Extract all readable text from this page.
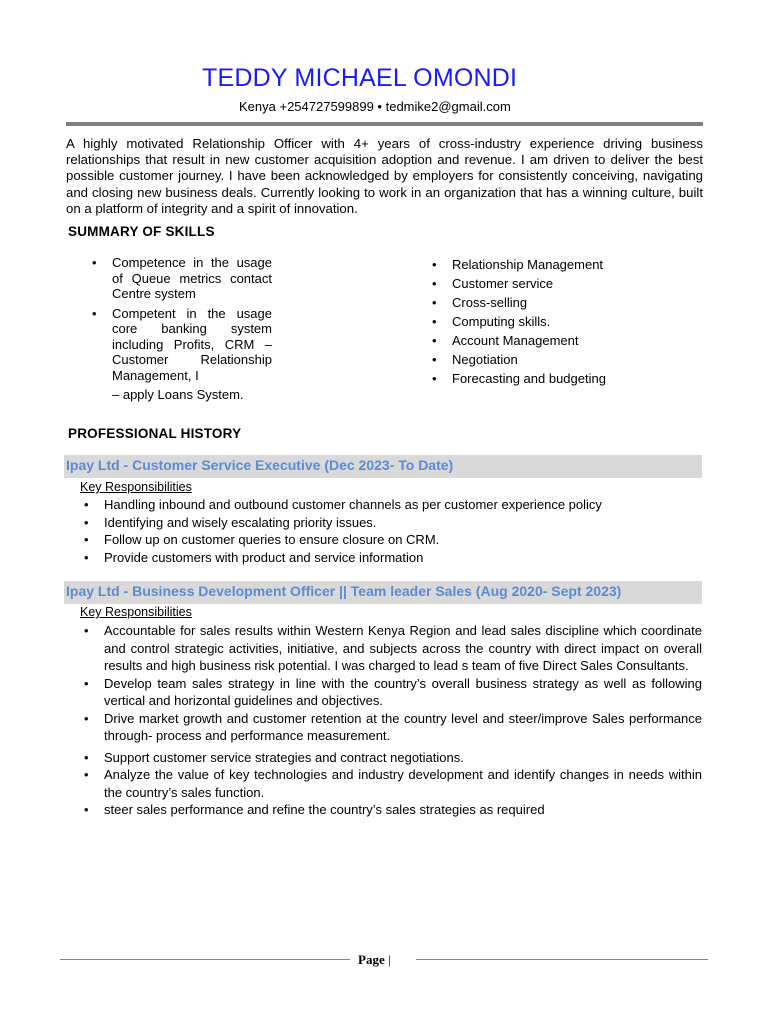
TEDDY MICHAEL OMONDI
Kenya +254727599899 • tedmike2@gmail.com
A highly motivated Relationship Officer with 4+ years of cross-industry experience driving business relationships that result in new customer acquisition adoption and revenue. I am driven to deliver the best possible customer journey. I have been acknowledged by employers for consistently conceiving, navigating and closing new business deals. Currently looking to work in an organization that has a winning culture, built on a platform of integrity and a spirit of innovation.
SUMMARY OF SKILLS
• Competence in the usage of Queue metrics contact Centre system
• Competent in the usage core banking system including Profits, CRM – Customer Relationship Management, I
– apply Loans System.
• Relationship Management
• Customer service
• Cross-selling
• Computing skills.
• Account Management
• Negotiation
• Forecasting and budgeting
PROFESSIONAL HISTORY
Ipay Ltd - Customer Service Executive (Dec 2023- To Date)
Key Responsibilities
• Handling inbound and outbound customer channels as per customer experience policy
• Identifying and wisely escalating priority issues.
• Follow up on customer queries to ensure closure on CRM.
• Provide customers with product and service information
Ipay Ltd - Business Development Officer || Team leader Sales (Aug 2020- Sept 2023)
Key Responsibilities
• Accountable for sales results within Western Kenya Region and lead sales discipline which coordinate and control strategic activities, initiative, and subjects across the country with direct impact on overall results and high business risk potential. I was charged to lead s team of five Direct Sales Consultants.
• Develop team sales strategy in line with the country’s overall business strategy as well as following vertical and horizontal guidelines and objectives.
• Drive market growth and customer retention at the country level and steer/improve Sales performance through- process and performance measurement.
• Support customer service strategies and contract negotiations.
• Analyze the value of key technologies and industry development and identify changes in needs within the country’s sales function.
• steer sales performance and refine the country’s sales strategies as required
Page |
